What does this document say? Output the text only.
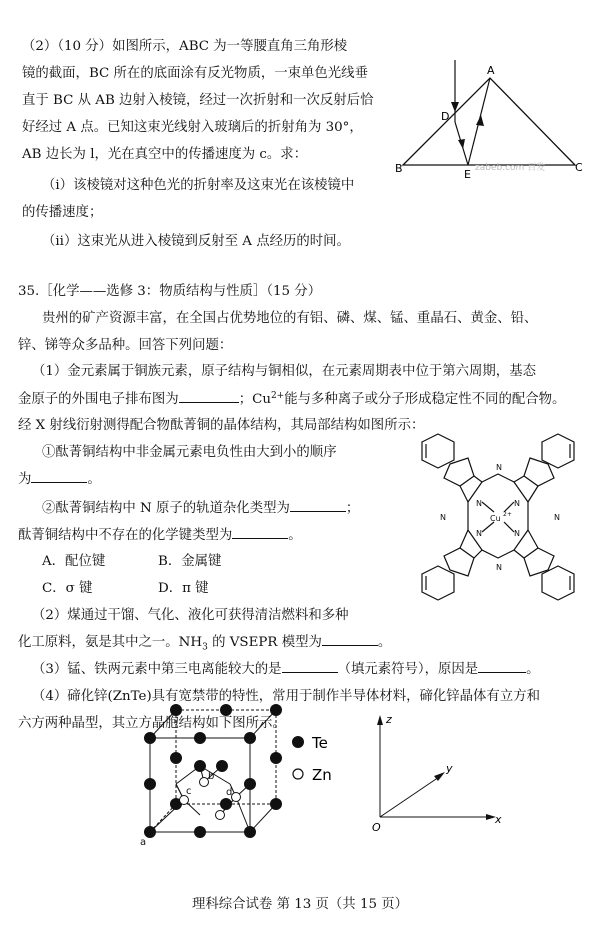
（2）（10 分）如图所示，ABC 为一等腰直角三角形棱
镜的截面，BC 所在的底面涂有反光物质，一束单色光线垂
直于 BC 从 AB 边射入棱镜，经过一次折射和一次反射后恰
好经过 A 点。已知这束光线射入玻璃后的折射角为 30°，
AB 边长为 l，光在真空中的传播速度为 c。求：
（i）该棱镜对这种色光的折射率及这束光在该棱镜中
的传播速度；
（ii）这束光从进入棱镜到反射至 A 点经历的时间。
A
B	C
D
E zabeb.com 百发
35.［化学——选修 3：物质结构与性质］（15 分）
贵州的矿产资源丰富，在全国占优势地位的有铝、磷、煤、锰、重晶石、黄金、铅、
锌、锑等众多品种。回答下列问题：
（1）金元素属于铜族元素，原子结构与铜相似，在元素周期表中位于第六周期，基态
金原子的外围电子排布图为	；$Cu^{2+}$能与多种离子或分子形成稳定性不同的配合物。
经 X 射线衍射测得配合物酞菁铜的晶体结构，其局部结构如图所示：
①酞菁铜结构中非金属元素电负性由大到小的顺序
为	。
②酞菁铜结构中 N 原子的轨道杂化类型为	；
酞菁铜结构中不存在的化学键类型为	。
A．配位键	B．金属键
C．σ 键	D．π 键
（2）煤通过干馏、气化、液化可获得清洁燃料和多种
化工原料，氨是其中之一。$NH_3$ 的 VSEPR 模型为	。
（3）锰、铁两元素中第三电离能较大的是	（填元素符号），原因是	。
（4）碲化锌(ZnTe)具有宽禁带的特性，常用于制作半导体材料，碲化锌晶体有立方和
六方两种晶型，其立方晶胞结构如下图所示。
N
N
N	N
N	N
N	N
Cu 2+
a
b
c	d
Te
Zn
z
y
x
O
理科综合试卷 第 13 页（共 15 页）
